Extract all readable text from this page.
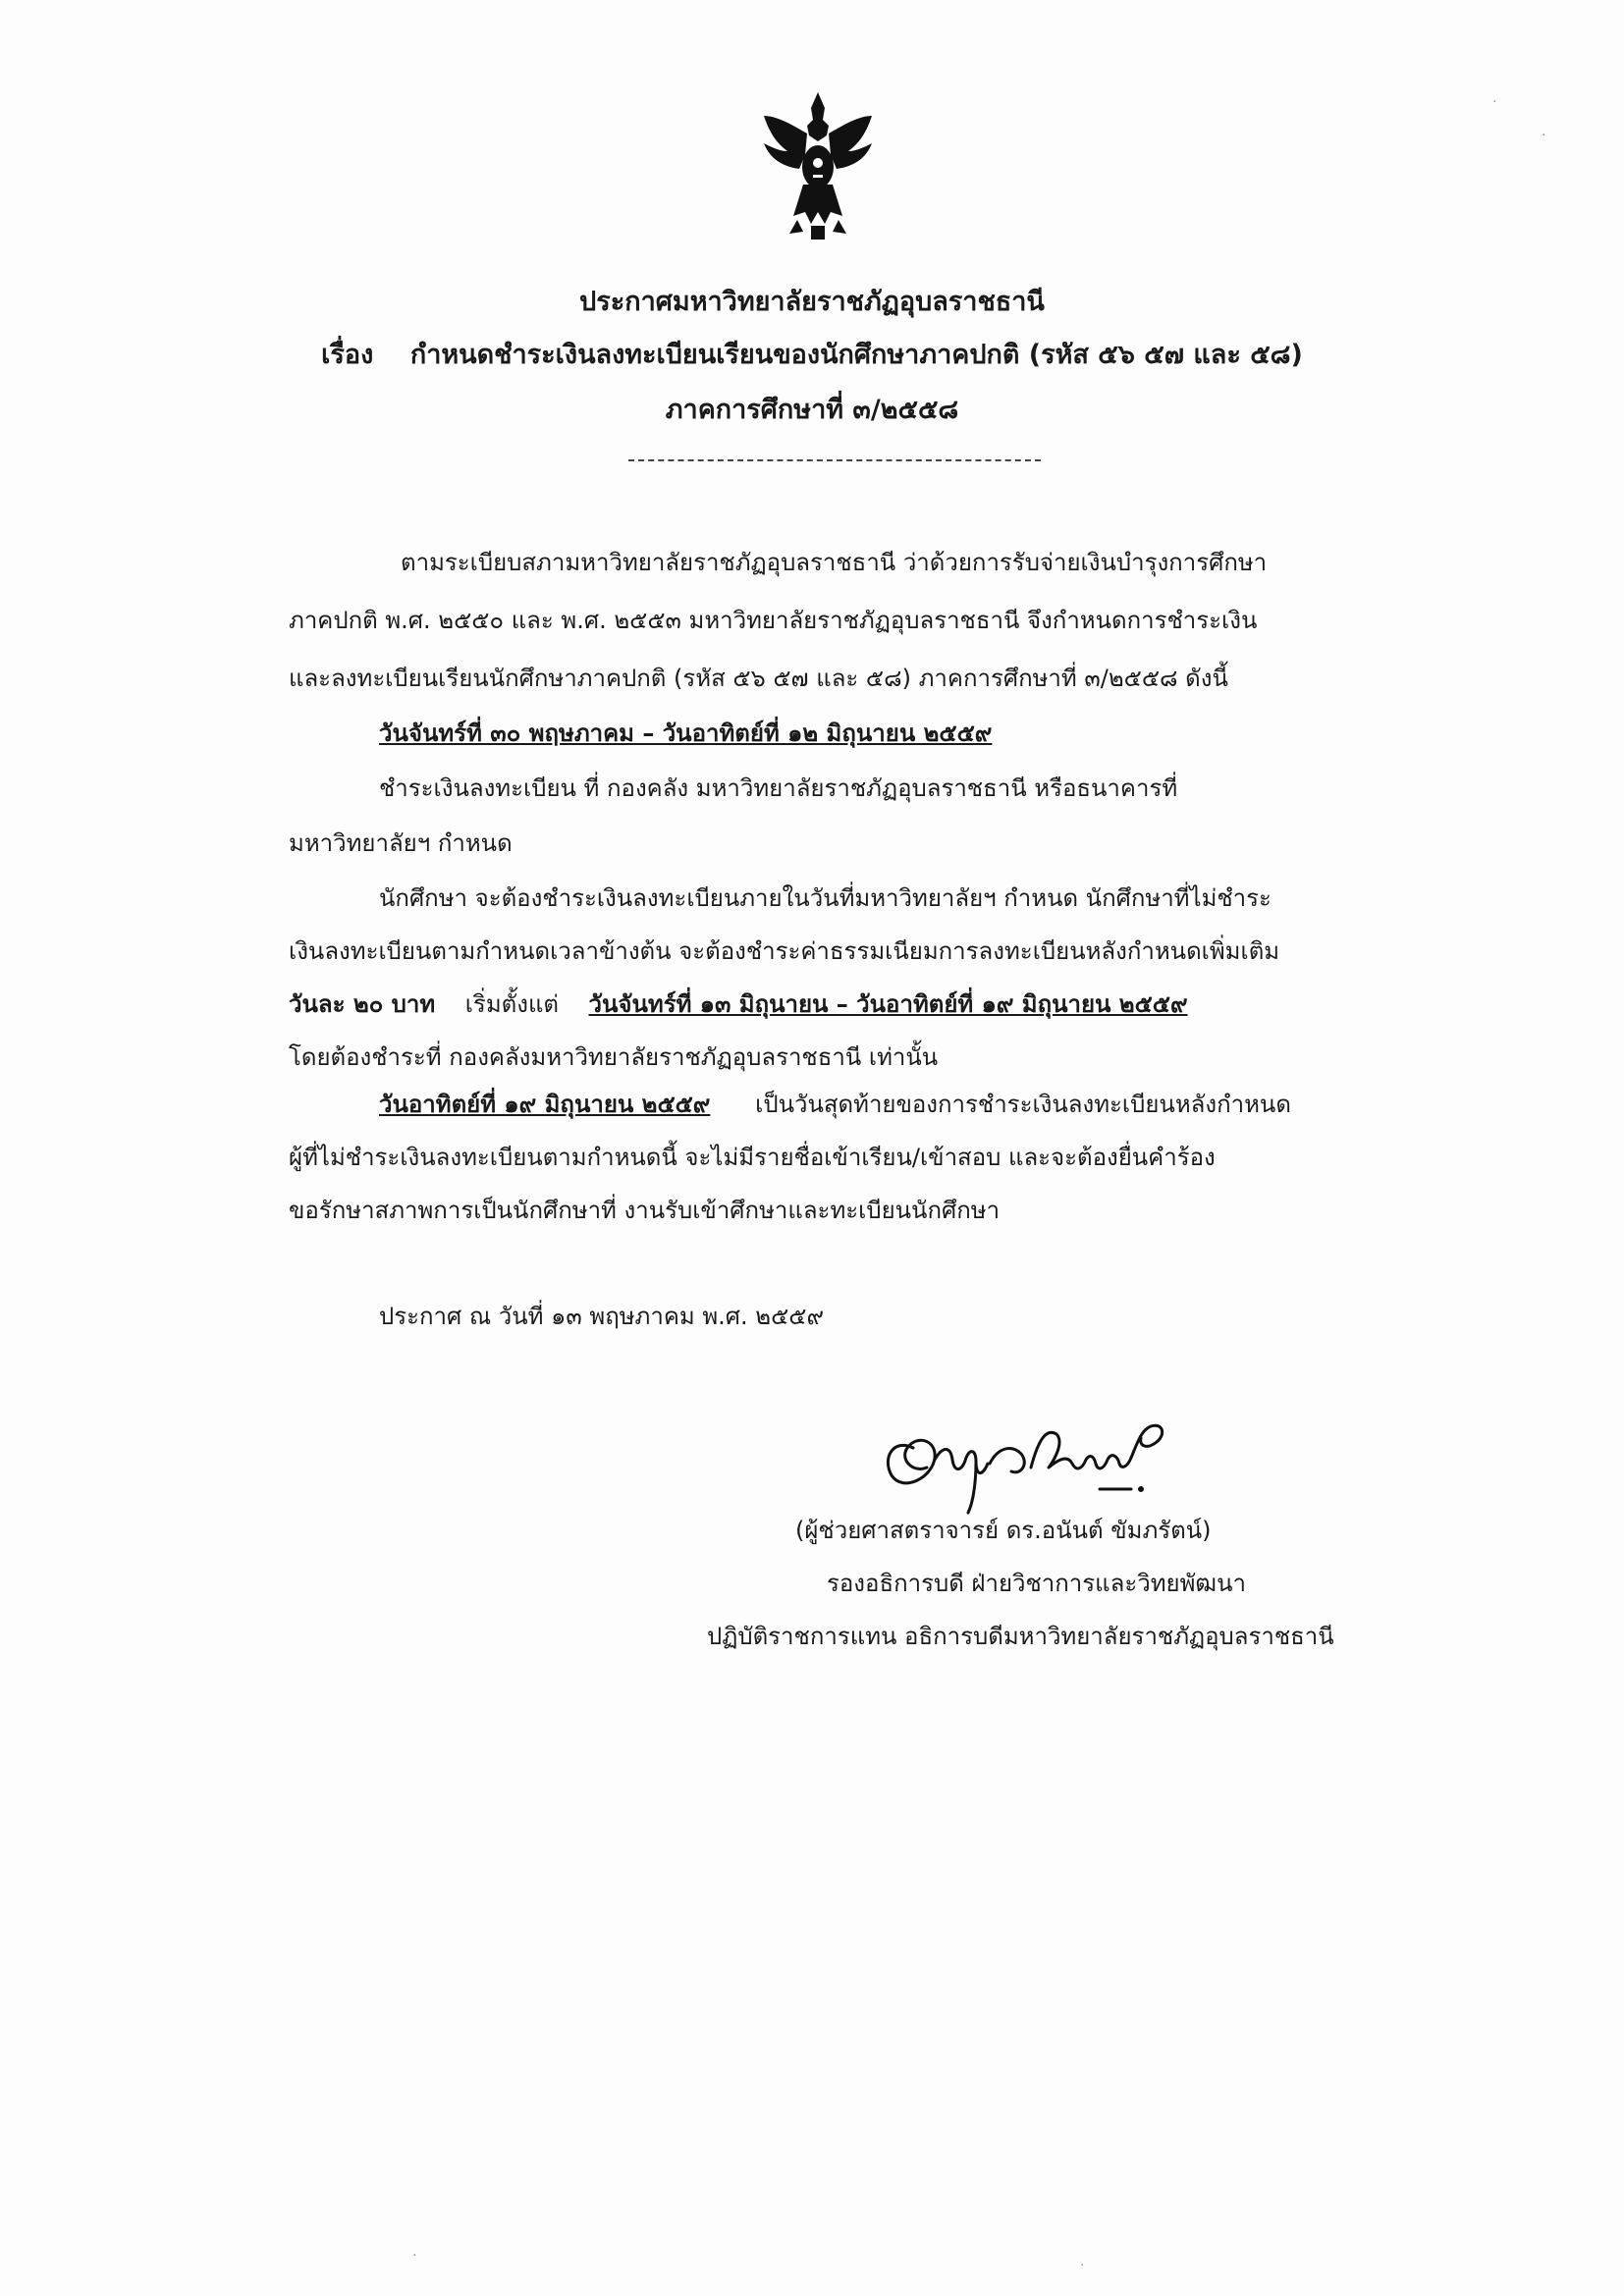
ประกาศมหาวิทยาลัยราชภัฏอุบลราชธานี
เรื่อง กำหนดชำระเงินลงทะเบียนเรียนของนักศึกษาภาคปกติ (รหัส ๕๖ ๕๗ และ ๕๘)
ภาคการศึกษาที่ ๓/๒๕๕๘
ตามระเบียบสภามหาวิทยาลัยราชภัฏอุบลราชธานี ว่าด้วยการรับจ่ายเงินบำรุงการศึกษา
ภาคปกติ พ.ศ. ๒๕๕๐ และ พ.ศ. ๒๕๕๓ มหาวิทยาลัยราชภัฏอุบลราชธานี จึงกำหนดการชำระเงิน
และลงทะเบียนเรียนนักศึกษาภาคปกติ (รหัส ๕๖ ๕๗ และ ๕๘) ภาคการศึกษาที่ ๓/๒๕๕๘ ดังนี้
วันจันทร์ที่ ๓๐ พฤษภาคม – วันอาทิตย์ที่ ๑๒ มิถุนายน ๒๕๕๙
ชำระเงินลงทะเบียน ที่ กองคลัง มหาวิทยาลัยราชภัฏอุบลราชธานี หรือธนาคารที่
มหาวิทยาลัยฯ กำหนด
นักศึกษา จะต้องชำระเงินลงทะเบียนภายในวันที่มหาวิทยาลัยฯ กำหนด นักศึกษาที่ไม่ชำระ
เงินลงทะเบียนตามกำหนดเวลาข้างต้น จะต้องชำระค่าธรรมเนียมการลงทะเบียนหลังกำหนดเพิ่มเติม
วันละ ๒๐ บาท เริ่มตั้งแต่ วันจันทร์ที่ ๑๓ มิถุนายน – วันอาทิตย์ที่ ๑๙ มิถุนายน ๒๕๕๙
โดยต้องชำระที่ กองคลังมหาวิทยาลัยราชภัฏอุบลราชธานี เท่านั้น
วันอาทิตย์ที่ ๑๙ มิถุนายน ๒๕๕๙ เป็นวันสุดท้ายของการชำระเงินลงทะเบียนหลังกำหนด
ผู้ที่ไม่ชำระเงินลงทะเบียนตามกำหนดนี้ จะไม่มีรายชื่อเข้าเรียน/เข้าสอบ และจะต้องยื่นคำร้อง
ขอรักษาสภาพการเป็นนักศึกษาที่ งานรับเข้าศึกษาและทะเบียนนักศึกษา
ประกาศ ณ วันที่ ๑๓ พฤษภาคม พ.ศ. ๒๕๕๙
(ผู้ช่วยศาสตราจารย์ ดร.อนันต์ ขัมภรัตน์)
รองอธิการบดี ฝ่ายวิชาการและวิทยพัฒนา
ปฏิบัติราชการแทน อธิการบดีมหาวิทยาลัยราชภัฏอุบลราชธานี
·
·
·
·
